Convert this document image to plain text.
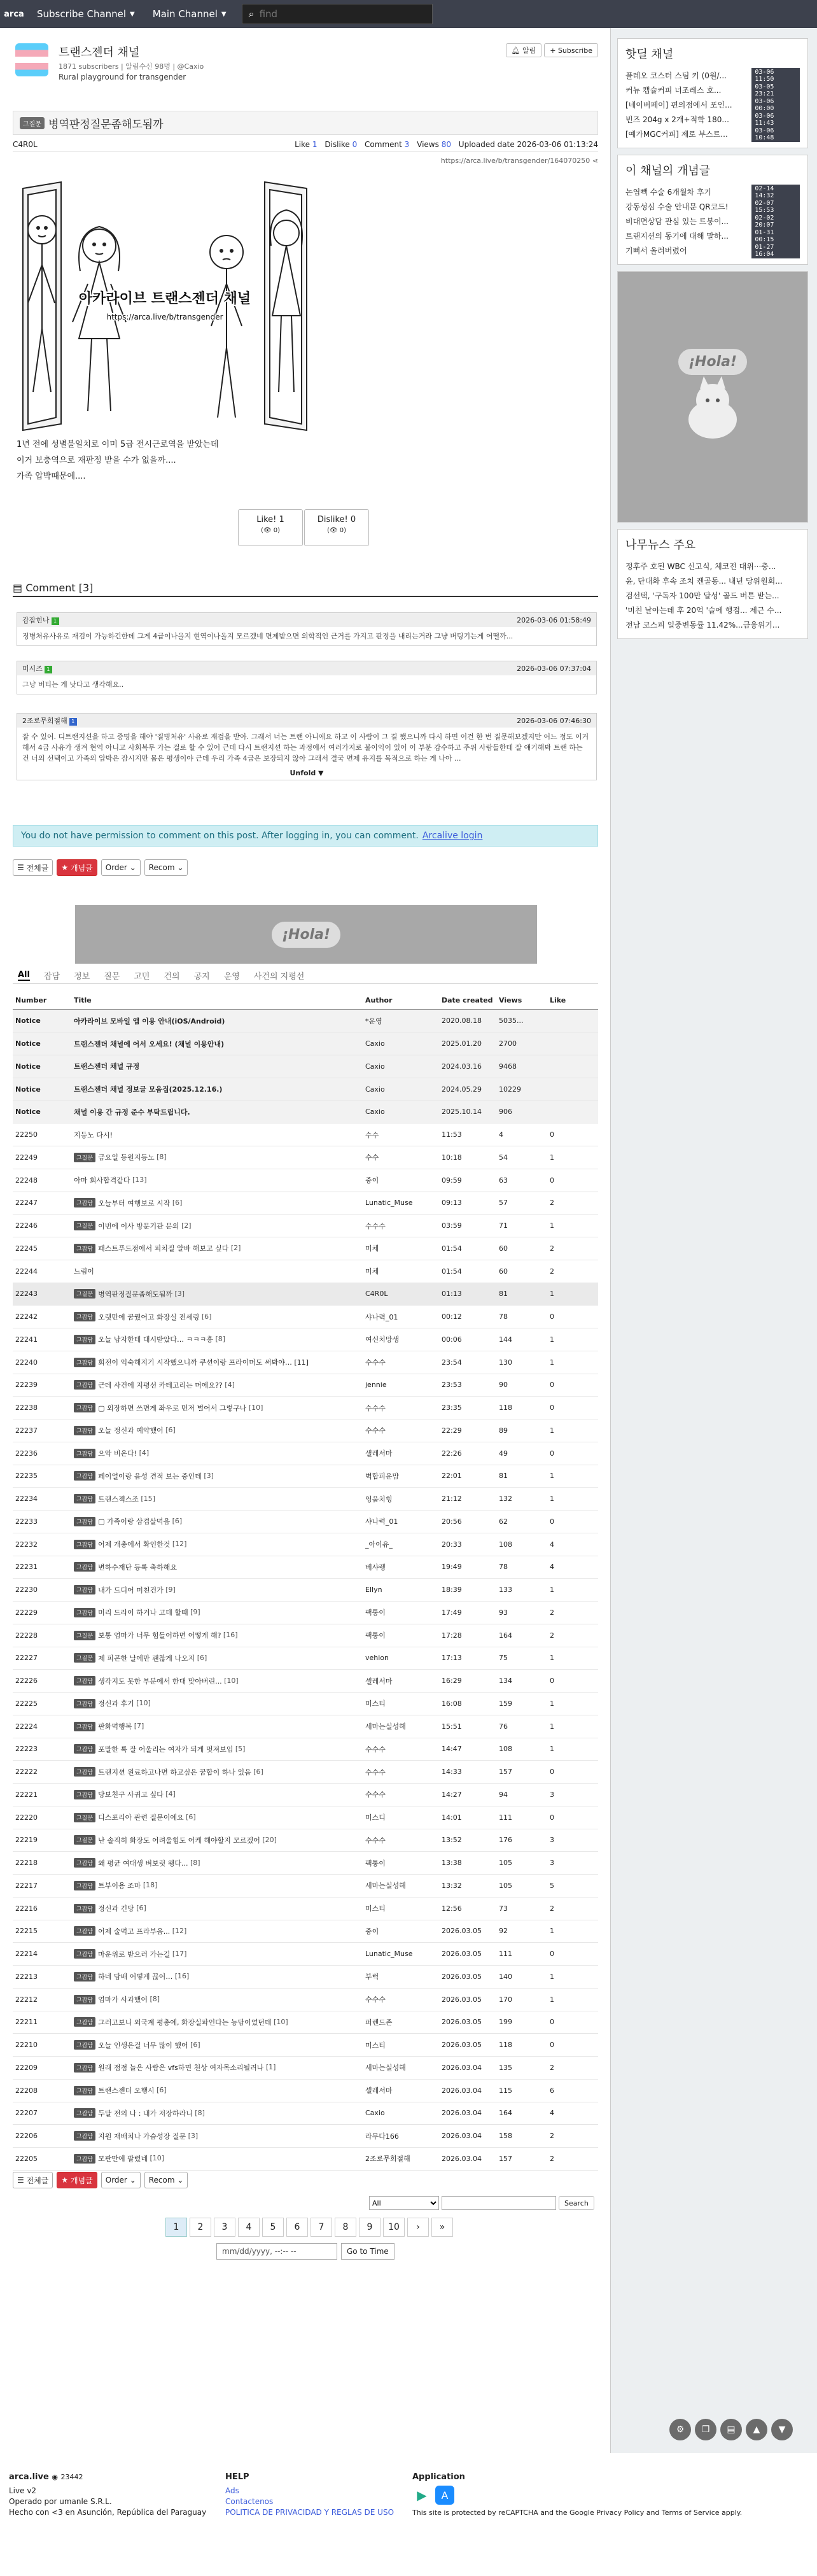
arca	Subscribe Channel ▼ Main Channel ▼ ⌕
find
트랜스젠더 채널
1871 subscribers | 알림수신 98명 | @Caxio
Rural playground for transgender
🔔︎
알림	+ Subscribe
그질문 병역판정질문좀해도됨까
C4R0L	Like 1 Dislike 0 Comment 3 Views 80 Uploaded date 2026-03-06 01:13:24
https://arca.live/b/transgender/164070250 ⋖
아카라이브 트랜스젠더 채널
https://arca.live/b/transgender
1년 전에 성별불일치로 이미 5급 전시근로역을 받았는데
이거 보충역으로 재판정 받을 수가 없을까....
가족 압박때문에....
Like! 1
(👁 0)
Dislike! 0
(👁 0)
▤ Comment [3]
감잡힌나 1	2026-03-06 01:58:49
징병처유사유로 재검이 가능하긴한데 그게 4급이나올지 현역이나올지 모르겠네 면제받으면 의학적인 근거를 가지고 판정을 내리는거라 그냥 버팅기는게 어떨까...
미시즈 1	2026-03-06 07:37:04
그냥 버티는 게 낫다고 생각해요..
2조로무희절해 1	2026-03-06 07:46:30
잘 수 있어. 디트랜지션을 하고 증명을 해야 '질병처유' 사유로 재검을 받아. 그래서 너는 트랜 아니에요 하고 이 사람이 그 결 했으니까 다시 하면 이건 한 번 질문해보겠지만 어느 정도 이거 해서 4급 사유가 생겨 현역 아니고 사회복무 가는 걸로 할 수 있어 근데 다시 트랜지션 하는 과정에서 여러가지로 불이익이 있어 이 부분 감수하고 주위 사람들한테 잘 얘기해봐 트랜 하는 건 너의 선택이고 가족의 압박은 잠시지만 몸은 평생이야 근데 우리 가족 4급은 보장되지 않아 그래서 결국 면제 유지를 목적으로 하는 게 나아 ...
Unfold ▼
You do not have permission to comment on this post. After logging in, you can comment. Arcalive login
☰
전체글 ★
개념글 Order
⌄ Recom
⌄
¡Hola!
All 잡담 정보 질문 고민 건의 공지 운영 사건의 지평선
Number	Title	Author	Date created	Views	Like
Notice	아카라이브 모바일 앱 이용 안내(iOS/Android)	*운영	2020.08.18	5035...	
Notice	트랜스젠더 채널에 어서 오세요! (채널 이용안내)	Caxio	2025.01.20	2700	
Notice	트랜스젠더 채널 규정	Caxio	2024.03.16	9468	
Notice	트랜스젠더 채널 정보글 모음집(2025.12.16.)	Caxio	2024.05.29	10229	
Notice	채널 이용 간 규정 준수 부탁드립니다.	Caxio	2025.10.14	906	
22250	지등노 다시!	수수	11:53	4	0
22249	그질문 금요일 등원지등노 [8]	수수	10:18	54	1
22248	아마 회사합격같다 [13]	중이	09:59	63	0
22247	그잡담 오늘부터 여행보로 시작 [6]	Lunatic_Muse	09:13	57	2
22246	그질문 이번에 이사 방문기관 문의 [2]	수수수	03:59	71	1
22245	그잡담 패스트푸드점에서 피치질 알바 해보고 싶다 [2]	미체	01:54	60	2
22244	느림이	미체	01:54	60	2
22243	그질문 병역판정질문좀해도됨까 [3]	C4R0L	01:13	81	1
22242	그잡담 오랫만에 꿈꿨어고 화장실 전세링 [6]	샤나력_01	00:12	78	0
22241	그잡담 오늘 남자한테 대시받았다… ㅋㅋㅋ흥 [8]	여신치망생	00:06	144	1
22240	그잡담 회전이 익숙해지기 시작했으니까 쿠션이랑 프라이머도 써봐야… [11]	수수수	23:54	130	1
22239	그잡담 근데 사건에 지평선 카테고리는 머에요?? [4]	jennie	23:53	90	0
22238	그잡담 ▢ 외장하면 쓰면게 좌우로 먼저 벌어서 그렇구나 [10]	수수수	23:35	118	0
22237	그잡담 오늘 정신과 예약했어 [6]	수수수	22:29	89	1
22236	그잡담 으악 비온다! [4]	샐레서마	22:26	49	0
22235	그잡담 페이얼이랑 음성 견적 보는 중인데 [3]	벽합피운맘	22:01	81	1
22234	그잡담 트랜스젝스조 [15]	엉움치힝	21:12	132	1
22233	그잡담 ▢ 가족이랑 삼겹살먹음 [6]	샤나력_01	20:56	62	0
22232	그잡담 어제 개총에서 확인한것 [12]	_아이유_	20:33	108	4
22231	그잡담 변하수재단 등록 축하해요	베샤렝	19:49	78	4
22230	그잡담 내가 드디어 미친건가 [9]	Ellyn	18:39	133	1
22229	그잡담 머리 드라이 하거나 고데 할때 [9]	팩퉁이	17:49	93	2
22228	그질문 보통 엄마가 너무 힘들어하면 어떻게 해? [16]	팩퉁이	17:28	164	2
22227	그질문 제 피곤한 날에만 괜찮게 나오지 [6]	vehion	17:13	75	1
22226	그잡담 생각지도 못한 부분에서 한대 맞아버린... [10]	셀레서마	16:29	134	0
22225	그잡담 정신과 후기 [10]	미스티	16:08	159	1
22224	그잡담 판화먹행복 [7]	세마는실성해	15:51	76	1
22223	그잡담 포말한 록 잘 어울리는 여자가 되게 멋져보임 [5]	수수수	14:47	108	1
22222	그잡담 트랜지션 왼료하고나면 하고싶은 꿈합이 하나 있음 [6]	수수수	14:33	157	0
22221	그잡담 당보친구 사귀고 싶다 [4]	수수수	14:27	94	3
22220	그질문 디스포리아 관련 질문이에요 [6]	미스디	14:01	111	0
22219	그질문 난 솔직히 화장도 어려울힘도 어케 해야할지 모르겠어 [20]	수수수	13:52	176	3
22218	그잡담 왜 평균 여대생 벼보럿 왱다... [8]	팩퉁이	13:38	105	3
22217	그잡담 트부이용 조마 [18]	세마는실성해	13:32	105	5
22216	그잡담 정신과 긴당 [6]	미스티	12:56	73	2
22215	그잡담 어제 술먹고 프라부음... [12]	중이	2026.03.05	92	1
22214	그잡담 마운위로 받으러 가는길 [17]	Lunatic_Muse	2026.03.05	111	0
22213	그잡담 하네 담배 어떻게 끊어… [16]	부럭	2026.03.05	140	1
22212	그잡담 엄마가 사과했어 [8]	수수수	2026.03.05	170	1
22211	그잡담 그러고보니 외국계 평총에, 화장실파인다는 능담이었던데 [10]	퍼렌드존	2026.03.05	199	0
22210	그잡담 오늘 인생은걸 너무 많이 했어 [6]	미스티	2026.03.05	118	0
22209	그잡담 원래 점점 늘은 사람은 vfs하면 천상 여자목소리될려나 [1]	세마는실성해	2026.03.04	135	2
22208	그잡담 트랜스젠더 오행시 [6]	셀레서마	2026.03.04	115	6
22207	그잡담 두달 전의 나 : 내가 저장하라니 [8]	Caxio	2026.03.04	164	4
22206	그잡담 지원 재배치나 가슴성장 질문 [3]	라무다166	2026.03.04	158	2
22205	그잡담 모판만에 팔렸네 [10]	2조로무희절해	2026.03.04	157	2
☰
전체글 ★
개념글 Order
⌄ Recom
⌄
All
Search
1	2	3	4	5	6	7	8	9	10	›	»
mm/dd/yyyy, --:-- --	Go to Time
⚙	❐	▤	▲	▼
핫딜 채널
플레오 코스터 스팀 키 (0원/...	03-06 11:50
커뉴 캡슐커피 너조레스 호...	03-05 23:21
[네이버페이] 편의점에서 포인...	03-06 00:00
빈즈 204g x 2개+적학 180...	03-06 11:43
[예가MGC커피] 제로 부스트...	03-06 10:48
이 채널의 개념글
논엽빽 수술 6개월차 후기	02-14 14:32
강동성심 수술 안내문 QR코드!	02-07 15:53
비대면상담 관심 있는 트붕이...	02-02 20:07
트랜지션의 동기에 대해 말하...	01-31 00:15
기뻐서 올려버렸어	01-27 16:04
¡Hola!
나무뉴스 주요
정후주 호된 WBC 신고식, 체코전 대위···충...
윤, 단대화 후속 조치 켄골동... 내년 당위원회...
검선택, '구독자 100만 달성' 골드 버튼 받는...
'미친 날아는데 후 20억 '슬에 행점... 제근 수...
전남 코스피 일중변동률 11.42%...금융위기...
arca.live ◉ 23442
Live v2
Operado por umanle S.R.L.
Hecho con <3 en Asunción, República del Paraguay
HELP
Ads
Contactenos
POLITICA DE PRIVACIDAD Y REGLAS DE USO
Application
▶	A
This site is protected by reCAPTCHA and the Google Privacy Policy and Terms of Service apply.
